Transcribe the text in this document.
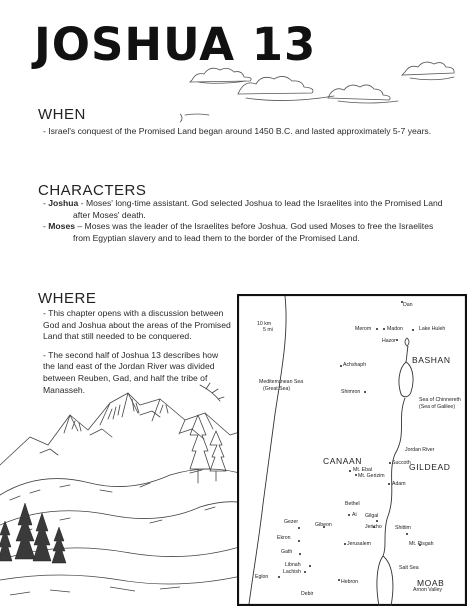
JOSHUA 13
WHEN
- Israel's conquest of the Promised Land began around 1450 B.C. and lasted approximately 5-7 years.
CHARACTERS
- Joshua - Moses' long-time assistant. God selected Joshua to lead the Israelites into the Promised Land
after Moses' death.
- Moses – Moses was the leader of the Israelites before Joshua. God used Moses to free the Israelites
from Egyptian slavery and to lead them to the border of the Promised Land.
WHERE
- This chapter opens with a discussion between
God and Joshua about the areas of the Promised
Land that still needed to be conquered.
- The second half of Joshua 13 describes how
the land east of the Jordan River was divided
between Reuben, Gad, and half the tribe of
Manasseh.
Dan
10 km
5 mi	Merom	Madon	Lake Huleh
Hazor
BASHAN
Achshaph
Mediterranean Sea
(Great Sea)	Shimron
Sea of Chinnereth
(Sea of Galilee)
Jordan River
CANAAN
GILDEAD
Succoth
Mt. Ebal
Mt. Gerizim
Adam
Bethel
Ai Gilgal
Gezer	Gibeon	Jericho	Shittim
Ekron
Jerusalem	Mt. Pisgah
Gath
Libnah
Lachish
Salt Sea
Eglon
Hebron	MOAB
Arnon Valley
Debir
